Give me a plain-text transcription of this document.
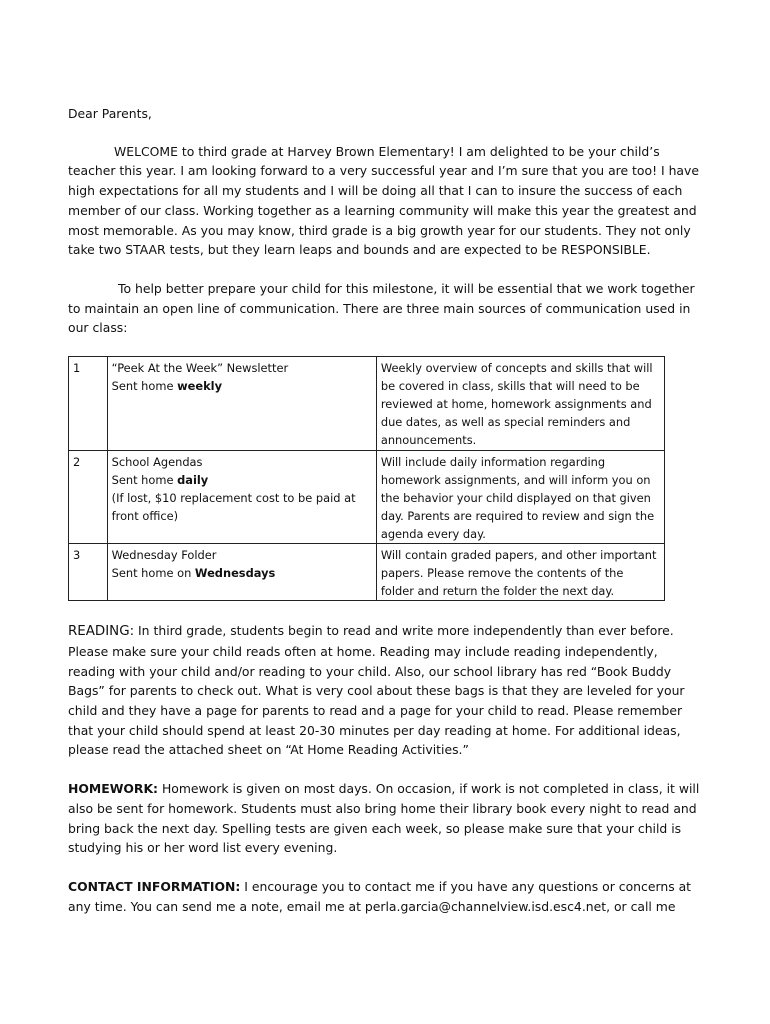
Dear Parents,

WELCOME to third grade at Harvey Brown Elementary! I am delighted to be your child’s teacher this year. I am looking forward to a very successful year and I’m sure that you are too! I have high expectations for all my students and I will be doing all that I can to insure the success of each member of our class. Working together as a learning community will make this year the greatest and most memorable. As you may know, third grade is a big growth year for our students. They not only take two STAAR tests, but they learn leaps and bounds and are expected to be RESPONSIBLE.

To help better prepare your child for this milestone, it will be essential that we work together to maintain an open line of communication. There are three main sources of communication used in our class:

1	“Peek At the Week” Newsletter
Sent home weekly	Weekly overview of concepts and skills that will be covered in class, skills that will need to be reviewed at home, homework assignments and due dates, as well as special reminders and announcements.
2	School Agendas
Sent home daily
(If lost, $10 replacement cost to be paid at front office)	Will include daily information regarding homework assignments, and will inform you on the behavior your child displayed on that given day. Parents are required to review and sign the agenda every day.
3	Wednesday Folder
Sent home on Wednesdays	Will contain graded papers, and other important papers. Please remove the contents of the folder and return the folder the next day.

READING: In third grade, students begin to read and write more independently than ever before. Please make sure your child reads often at home. Reading may include reading independently, reading with your child and/or reading to your child. Also, our school library has red “Book Buddy Bags” for parents to check out. What is very cool about these bags is that they are leveled for your child and they have a page for parents to read and a page for your child to read. Please remember that your child should spend at least 20-30 minutes per day reading at home. For additional ideas, please read the attached sheet on “At Home Reading Activities.”

HOMEWORK: Homework is given on most days. On occasion, if work is not completed in class, it will also be sent for homework. Students must also bring home their library book every night to read and bring back the next day. Spelling tests are given each week, so please make sure that your child is studying his or her word list every evening.

CONTACT INFORMATION: I encourage you to contact me if you have any questions or concerns at any time. You can send me a note, email me at perla.garcia@channelview.isd.esc4.net, or call me
